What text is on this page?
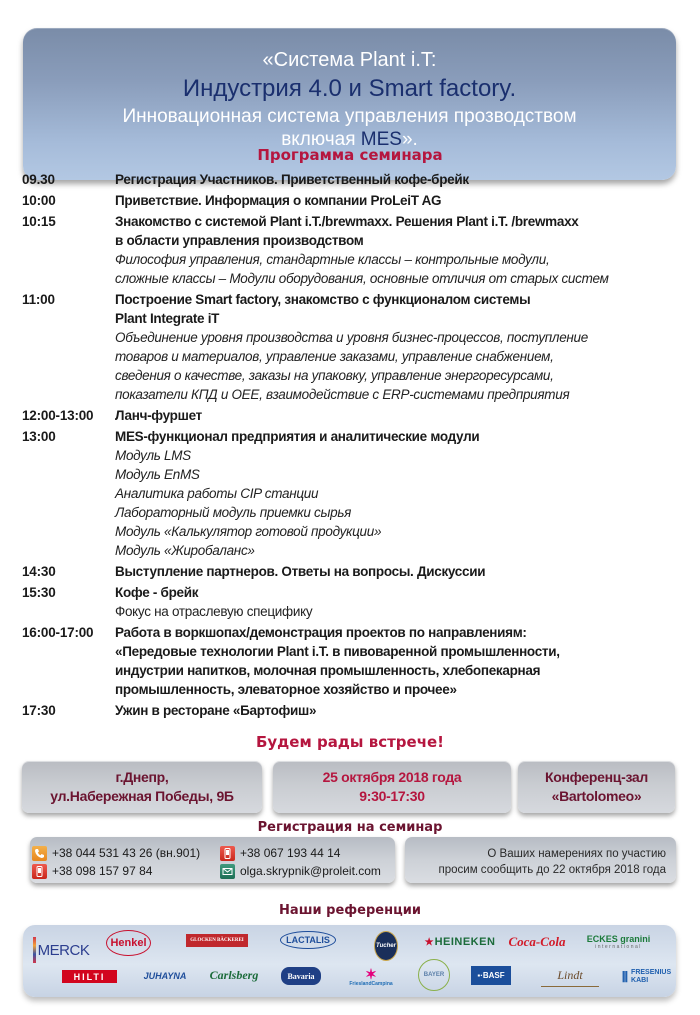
«Система Plant i.T:
Индустрия 4.0 и Smart factory.
Инновационная система управления прозводством
включая MES».
Программа семинара
09.30	Регистрация Участников. Приветственный кофе-брейк
10:00	Приветствие. Информация о компании ProLeiT AG
10:15	Знакомство с системой Plant i.T./brewmaxx. Решения Plant i.T. /brewmaxx
в области управления производством
Философия управления, стандартные классы – контрольные модули,
сложные классы – Модули оборудования, основные отличия от старых систем
11:00	Построение Smart factory, знакомство с функционалом системы
Plant Integrate iT
Объединение уровня производства и уровня бизнес-процессов, поступление
товаров и материалов, управление заказами, управление снабжением,
сведения о качестве, заказы на упаковку, управление энергоресурсами,
показатели КПД и OEE, взаимодействие с ERP-системами предприятия
12:00-13:00	Ланч-фуршет
13:00	MES-функционал предприятия и аналитические модули
Модуль LMS
Модуль EnMS
Аналитика работы CIP станции
Лабораторный модуль приемки сырья
Модуль «Калькулятор готовой продукции»
Модуль «Жиробаланс»
14:30	Выступление партнеров. Ответы на вопросы. Дискуссии
15:30	Кофе - брейк
Фокус на отраслевую специфику
16:00-17:00	Работа в воркшопах/демонстрация проектов по направлениям:
«Передовые технологии Plant i.T. в пивоваренной промышленности,
индустрии напитков, молочная промышленность, хлебопекарная
промышленность, элеваторное хозяйство и прочее»
17:30	Ужин в ресторане «Бартофиш»
Будем рады встрече!
г.Днепр,
ул.Набережная Победы, 9Б
25 октября 2018 года
9:30-17:30
Конференц-зал
«Bartolomeo»
Регистрация на семинар
+38 044 531 43 26 (вн.901)
+38 098 157 97 84
+38 067 193 44 14
olga.skrypnik@proleit.com
О Ваших намерениях по участию
просим сообщить до 22 октября 2018 года
Наши референции
MERCK Henkel	GLOCKEN BÄCKEREI	LACTALIS
Tucher	★ HEINEKEN Coca-Cola ECKES granini
international
HILTI	JUHAYNA Carlsberg	Bavaria	✶
FrieslandCampina
BAYER	▪· BASF	Lindt	⦀ FRESENIUS
KABI
